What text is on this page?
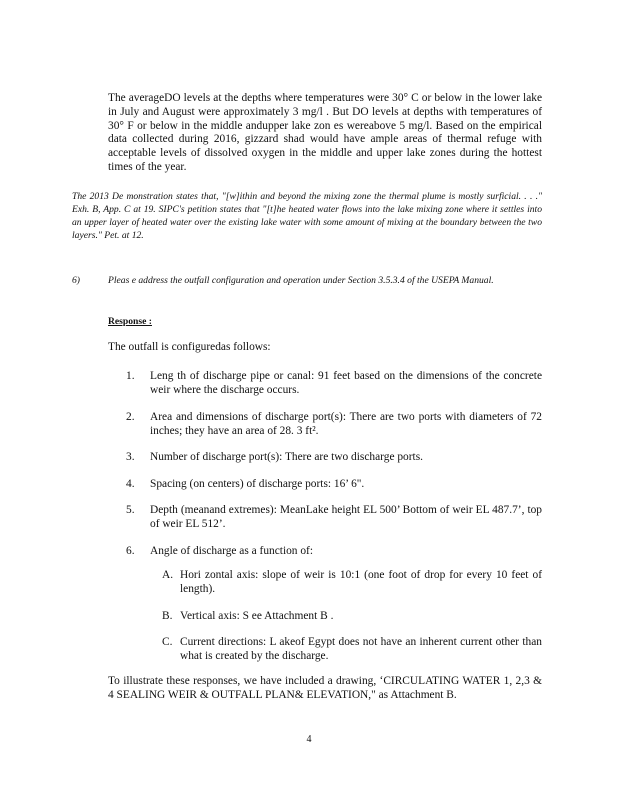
The averageDO levels at the depths where temperatures were 30° C or below in the lower lake in July and August were approximately 3 mg/l . But DO levels at depths with temperatures of 30° F or below in the middle andupper lake zon es wereabove 5 mg/l. Based on the empirical data collected during 2016, gizzard shad would have ample areas of thermal refuge with acceptable levels of dissolved oxygen in the middle and upper lake zones during the hottest times of the year.
The 2013 De monstration states that, "[w]ithin and beyond the mixing zone the thermal plume is mostly surficial. . . ." Exh. B, App. C at 19. SIPC's petition states that "[t]he heated water flows into the lake mixing zone where it settles into an upper layer of heated water over the existing lake water with some amount of mixing at the boundary between the two layers." Pet. at 12.
6)	Pleas e address the outfall configuration and operation under Section 3.5.3.4 of the USEPA Manual.
Response :
The outfall is configuredas follows:
1. Leng th of discharge pipe or canal: 91 feet based on the dimensions of the concrete weir where the discharge occurs.
2. Area and dimensions of discharge port(s): There are two ports with diameters of 72 inches; they have an area of 28. 3 ft².
3. Number of discharge port(s): There are two discharge ports.
4. Spacing (on centers) of discharge ports: 16’ 6".
5. Depth (meanand extremes): MeanLake height EL 500’ Bottom of weir EL 487.7’, top of weir EL 512’.
6. Angle of discharge as a function of:
A. Hori zontal axis: slope of weir is 10:1 (one foot of drop for every 10 feet of length).
B. Vertical axis: S ee Attachment B .
C. Current directions: L akeof Egypt does not have an inherent current other than what is created by the discharge.
To illustrate these responses, we have included a drawing, ‘CIRCULATING WATER 1, 2,3 & 4 SEALING WEIR & OUTFALL PLAN& ELEVATION," as Attachment B.
4
